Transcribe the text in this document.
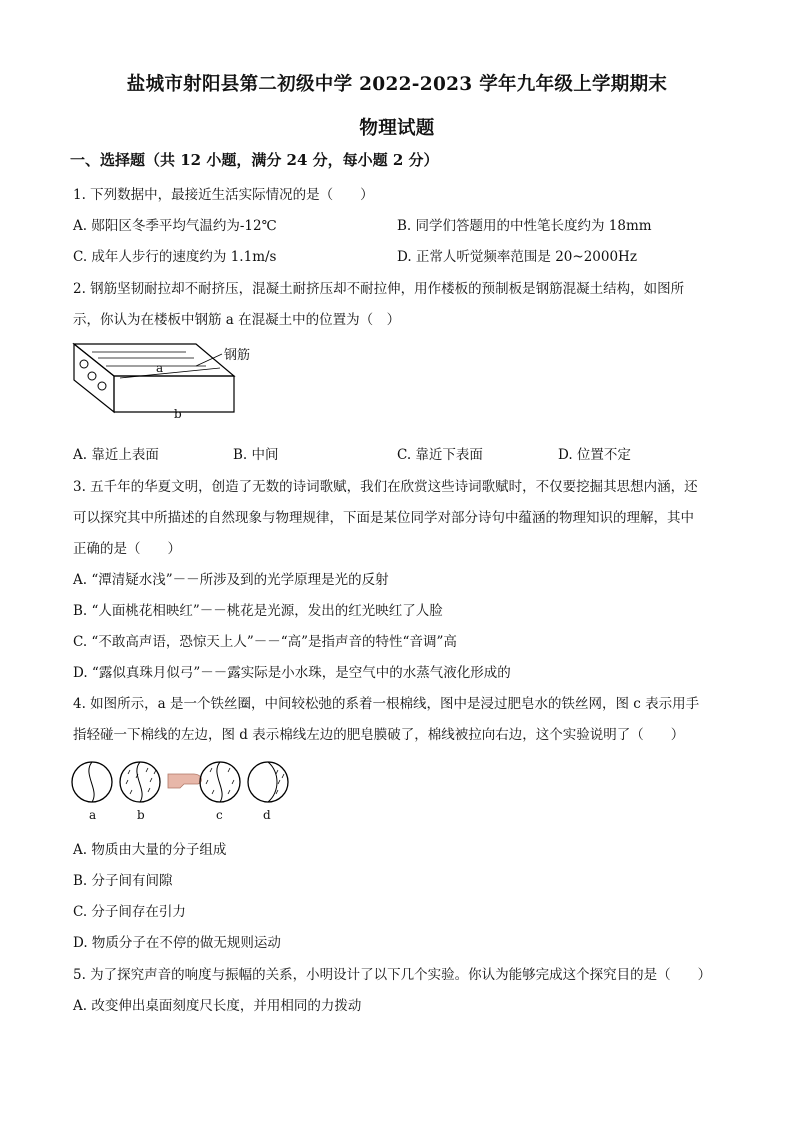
盐城市射阳县第二初级中学 2022-2023 学年九年级上学期期末
物理试题
一、选择题（共 12 小题，满分 24 分，每小题 2 分）
1. 下列数据中，最接近生活实际情况的是（　　）
A. 郧阳区冬季平均气温约为-12℃	B. 同学们答题用的中性笔长度约为 18mm
C. 成年人步行的速度约为 1.1m/s	D. 正常人听觉频率范围是 20~2000Hz
2. 钢筋坚韧耐拉却不耐挤压，混凝土耐挤压却不耐拉伸，用作楼板的预制板是钢筋混凝土结构，如图所
示，你认为在楼板中钢筋 a 在混凝土中的位置为（　）
钢筋
a
b
A. 靠近上表面	B. 中间	C. 靠近下表面	D. 位置不定
3. 五千年的华夏文明，创造了无数的诗词歌赋，我们在欣赏这些诗词歌赋时，不仅要挖掘其思想内涵，还
可以探究其中所描述的自然现象与物理规律，下面是某位同学对部分诗句中蕴涵的物理知识的理解，其中
正确的是（　　）
A. “潭清疑水浅”－－所涉及到的光学原理是光的反射
B. “人面桃花相映红”－－桃花是光源，发出的红光映红了人脸
C. “不敢高声语，恐惊天上人”－－“高”是指声音的特性“音调”高
D. “露似真珠月似弓”－－露实际是小水珠，是空气中的水蒸气液化形成的
4. 如图所示，a 是一个铁丝圈，中间较松弛的系着一根棉线，图中是浸过肥皂水的铁丝网，图 c 表示用手
指轻碰一下棉线的左边，图 d 表示棉线左边的肥皂膜破了，棉线被拉向右边，这个实验说明了（　　）
a	b	c	d
A. 物质由大量的分子组成
B. 分子间有间隙
C. 分子间存在引力
D. 物质分子在不停的做无规则运动
5. 为了探究声音的响度与振幅的关系，小明设计了以下几个实验。你认为能够完成这个探究目的是（　　）
A. 改变伸出桌面刻度尺长度，并用相同的力拨动
